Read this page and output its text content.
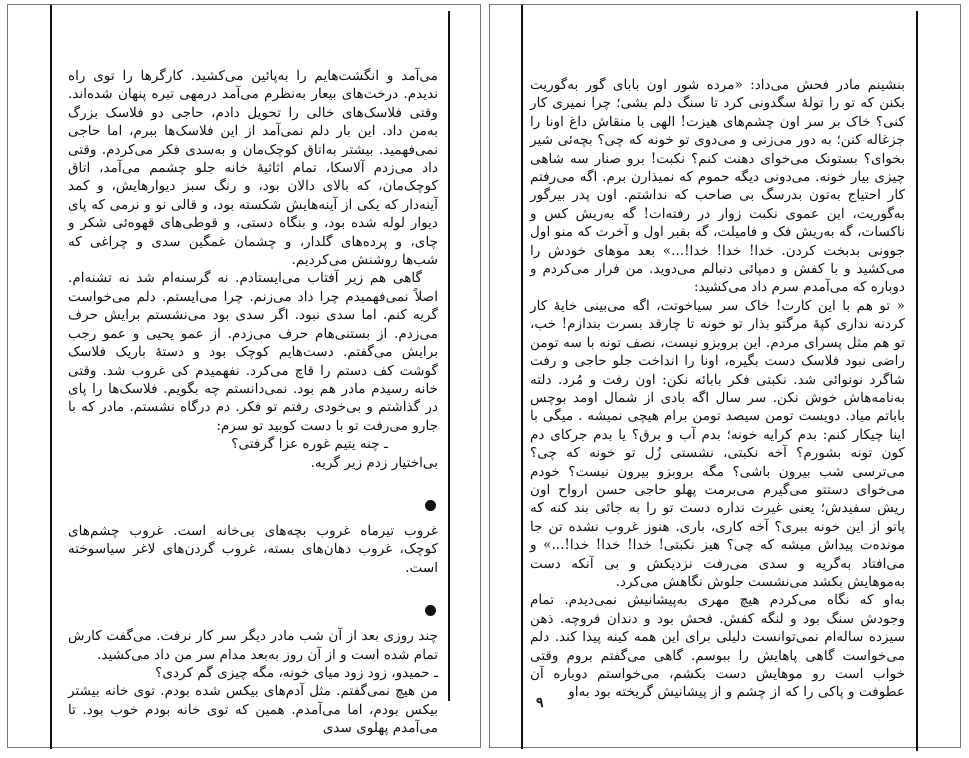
می‌آمد و انگشت‌هایم را به‌پائین می‌کشید. کارگرها را توی راه ندیدم. درخت‌های بیعار به‌نظرم می‌آمد درمهی تیره پنهان شده‌اند. وقتی فلاسک‌های خالی را تحویل دادم، حاجی دو فلاسک بزرگ به‌من داد. این بار دلم نمی‌آمد از این فلاسک‌ها ببرم، اما حاجی نمی‌فهمید. بیشتر به‌اتاق کوچک‌مان و به‌سدی فکر می‌کردم. وقتی داد می‌زدم آلاسکا، تمام اثاثیهٔ خانه جلو چشمم می‌آمد، اتاق کوچک‌مان، که بالای دالان بود، و رنگ سبز دیوارهایش، و کمد آینه‌دار که یکی از آینه‌هایش شکسته بود، و قالی نو و نرمی که پای دیوار لوله شده بود، و بنگاه دستی، و قوطی‌های قهوه‌ئی شکر و چای، و پرده‌های گلدار، و چشمان غمگین سدی و چراغی که شب‌ها روشنش می‌کردیم.

گاهی هم زیر آفتاب می‌ایستادم. نه گرسنه‌ام شد نه تشنه‌ام. اصلاً نمی‌فهمیدم چرا داد می‌زنم. چرا می‌ایستم. دلم می‌خواست گریه کنم. اما سدی نبود. اگر سدی بود می‌نشستم برایش حرف می‌زدم. از بستنی‌هام حرف می‌زدم. از عمو یحیی و عمو رجب برایش می‌گفتم. دست‌هایم کوچک بود و دستهٔ باریک فلاسک گوشت کف دستم را قاچ می‌کرد. نفهمیدم کی غروب شد. وقتی خانه رسیدم مادر هم بود. نمی‌دانستم چه بگویم. فلاسک‌ها را پای در گذاشتم و بی‌خودی رفتم تو فکر. دم درگاه نشستم. مادر که با جارو می‌رفت تو با دست کوبید تو سرم:

ـ چنه یتیم غوره عزا گرفتی؟

بی‌اختیار زدم زیر گریه.

غروب تیرماه غروب بچه‌های بی‌خانه است. غروب چشم‌های کوچک، غروب دهان‌های بسته، غروب گردن‌های لاغر سیاسوخته است.

چند روزی بعد از آن شب مادر دیگر سر کار نرفت. می‌گفت کارش تمام شده است و از آن روز به‌بعد مدام سر من داد می‌کشید.

ـ حمیدو، زود زود میای خونه، مگه چیزی گم کردی؟

من هیچ نمی‌گفتم. مثل آدم‌های بیکس شده بودم. توی خانه بیشتر بیکس بودم، اما می‌آمدم. همین که توی خانه بودم خوب بود. تا می‌آمدم پهلوی سدی

بنشینم مادر فحش می‌داد: «مرده شور اون بابای گور به‌گوریت بکنن که تو را تولهٔ سگدونی کرد تا سنگ دلم بشی؛ چرا نمیری کار کنی؟ خاک بر سر اون چشم‌های هیزت! الهی با منقاش داغ اونا را جزغاله کنن؛ به دور می‌زنی و می‌دوی تو خونه که چی؟ بچه‌ئی شیر بخوای؟ بستونک می‌خوای دهنت کنم؟ نکبت! برو صنار سه شاهی چیزی بیار خونه. می‌دونی دیگه حموم که نمیذارن برم. اگه می‌رفتم کار احتیاج به‌تون بدرسگ بی صاحب که نداشتم. اون پدر بیرگور به‌گوریت، این عموی نکبت زوار در رفته‌ات! گه به‌ریش کس و ناکسات، گه به‌ریش فک و فامیلت، گه بقبر اول و آخرت که منو اول جوونی بدبخت کردن. خدا! خدا! خدا!...» بعد موهای خودش را می‌کشید و با کفش و دمپائی دنبالم می‌دوید. من فرار می‌کردم و دوباره که می‌آمدم سرم داد می‌کشید:

« تو هم با این کارت! خاک سر سیاخوتت، اگه می‌بینی خایهٔ کار کردنه نداری کپهٔ مرگتو بذار تو خونه تا چارقد بسرت بندازم! خب، تو هم مثل پسرای مردم. این بروبزو نیست، نصف تونه با سه تومن راضی نبود فلاسک دست بگیره، اونا را انداخت جلو حاجی و رفت شاگرد نونوائی شد. نکبتی فکر بابائه نکن: اون رفت و مُرد. دلته به‌نامه‌هاش خوش نکن. سر سال اگه بادی از شمال اومد بوچس باباتم میاد. دویست تومن سیصد تومن برام هیچی نمیشه . میگی با اینا چیکار کنم: بدم کرایه خونه؛ بدم آب و برق؟ یا بدم جرکای دم کون تونه بشورم؟ آخه نکبتی، نشستی زُل تو خونه که چی؟ می‌ترسی شب بیرون باشی؟ مگه بروبزو بیرون نیست؟ خودم می‌خوای دستتو می‌گیرم می‌برمت پهلو حاجی حسن ارواح اون ریش سفیدش؛ یعنی غیرت نداره دست تو را به جائی بند کنه که پاتو از این خونه ببری؟ آخه کاری، باری. هنوز غروب نشده تن جا مونده‌ت پیداش میشه که چی؟ هیز نکبتی! خدا! خدا! خدا!...» و می‌افتاد به‌گریه و سدی می‌رفت نزدیکش و بی آنکه دست به‌موهایش بکشد می‌نشست جلوش نگاهش می‌کرد.

به‌او که نگاه می‌کردم هیچ مهری به‌پیشانیش نمی‌دیدم. تمام وجودش سنگ بود و لنگه کفش. فحش بود و دندان فروچه. ذهن سیزده ساله‌ام نمی‌توانست دلیلی برای این همه کینه پیدا کند. دلم می‌خواست گاهی پاهایش را ببوسم. گاهی می‌گفتم بروم وقتی خواب است رو موهایش دست بکشم، می‌خواستم دوباره آن عطوفت و پاکی را که از چشم و از پیشانیش گریخته بود به‌او

۹
